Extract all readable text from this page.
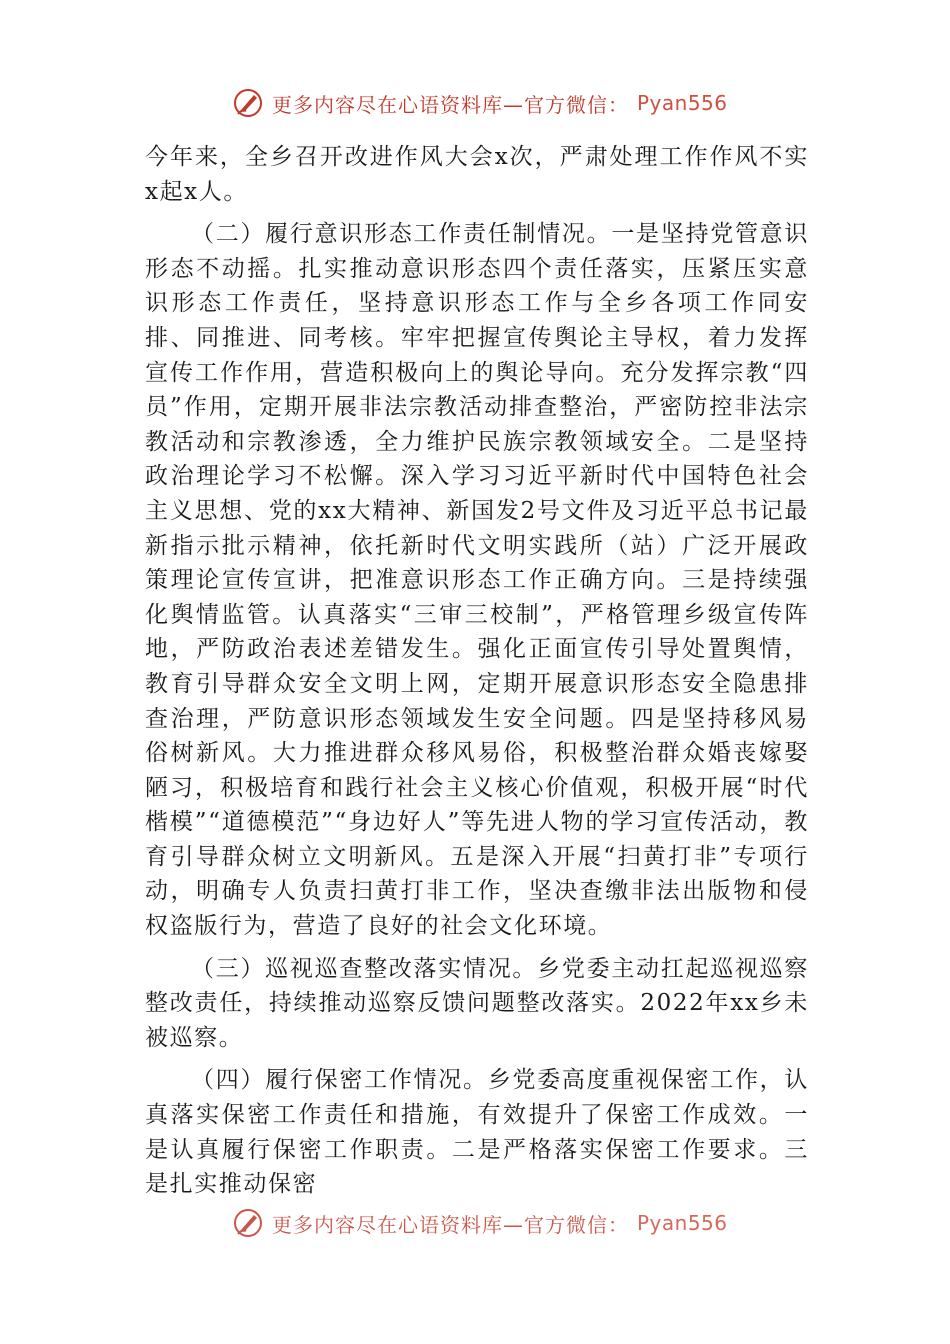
更多内容尽在心语资料库—官方微信： Pyan556

今年来，全乡召开改进作风大会x次，严肃处理工作作风不实x起x人。

（二）履行意识形态工作责任制情况。一是坚持党管意识形态不动摇。扎实推动意识形态四个责任落实，压紧压实意识形态工作责任，坚持意识形态工作与全乡各项工作同安排、同推进、同考核。牢牢把握宣传舆论主导权，着力发挥宣传工作作用，营造积极向上的舆论导向。充分发挥宗教“四员”作用，定期开展非法宗教活动排查整治，严密防控非法宗教活动和宗教渗透，全力维护民族宗教领域安全。二是坚持政治理论学习不松懈。深入学习习近平新时代中国特色社会主义思想、党的xx大精神、新国发2号文件及习近平总书记最新指示批示精神，依托新时代文明实践所（站）广泛开展政策理论宣传宣讲，把准意识形态工作正确方向。三是持续强化舆情监管。认真落实“三审三校制”，严格管理乡级宣传阵地，严防政治表述差错发生。强化正面宣传引导处置舆情，教育引导群众安全文明上网，定期开展意识形态安全隐患排查治理，严防意识形态领域发生安全问题。四是坚持移风易俗树新风。大力推进群众移风易俗，积极整治群众婚丧嫁娶陋习，积极培育和践行社会主义核心价值观，积极开展“时代楷模”“道德模范”“身边好人”等先进人物的学习宣传活动，教育引导群众树立文明新风。五是深入开展“扫黄打非”专项行动，明确专人负责扫黄打非工作，坚决查缴非法出版物和侵权盗版行为，营造了良好的社会文化环境。

（三）巡视巡查整改落实情况。乡党委主动扛起巡视巡察整改责任，持续推动巡察反馈问题整改落实。2022年xx乡未被巡察。

（四）履行保密工作情况。乡党委高度重视保密工作，认真落实保密工作责任和措施，有效提升了保密工作成效。一是认真履行保密工作职责。二是严格落实保密工作要求。三是扎实推动保密

更多内容尽在心语资料库—官方微信： Pyan556
